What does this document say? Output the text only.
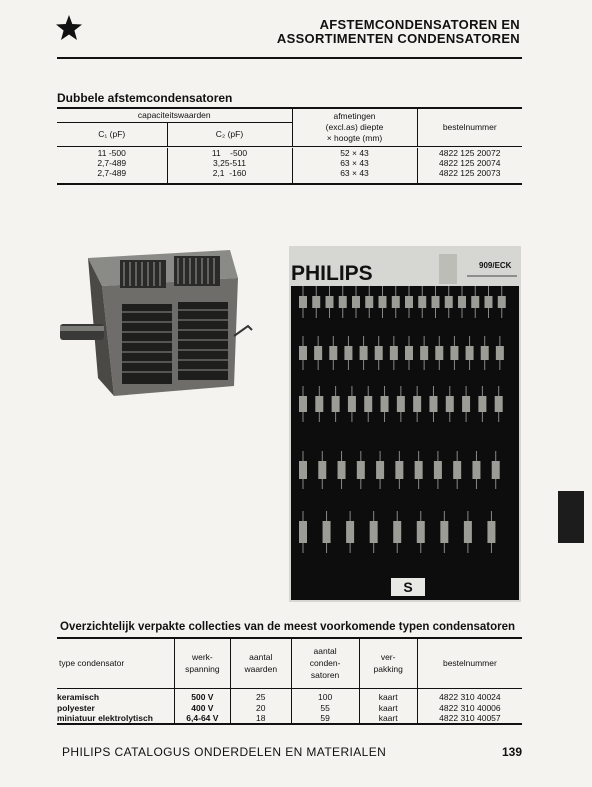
AFSTEMCONDENSATOREN EN
ASSORTIMENTEN CONDENSATOREN
Dubbele afstemcondensatoren
capaciteitswaarden		afmetingen (excl.as) diepte × hoogte (mm)	bestelnummer
C₁ (pF)	C₂ (pF)		

11 -500	11    -500	52 × 43	4822 125 20072
2,7-489	3,25-511	63 × 43	4822 125 20074
2,7-489	2,1  -160	63 × 43	4822 125 20073

PHILIPS	909/ECK
S
Overzichtelijk verpakte collecties van de meest voorkomende typen condensatoren
type condensator	werk- spanning	aantal waarden	aantal conden- satoren	ver- pakking	bestelnummer

keramisch	500 V	25	100	kaart	4822 310 40024
polyester	400 V	20	55	kaart	4822 310 40006
miniatuur elektrolytisch	6,4-64 V	18	59	kaart	4822 310 40057
PHILIPS CATALOGUS ONDERDELEN EN MATERIALEN	139
